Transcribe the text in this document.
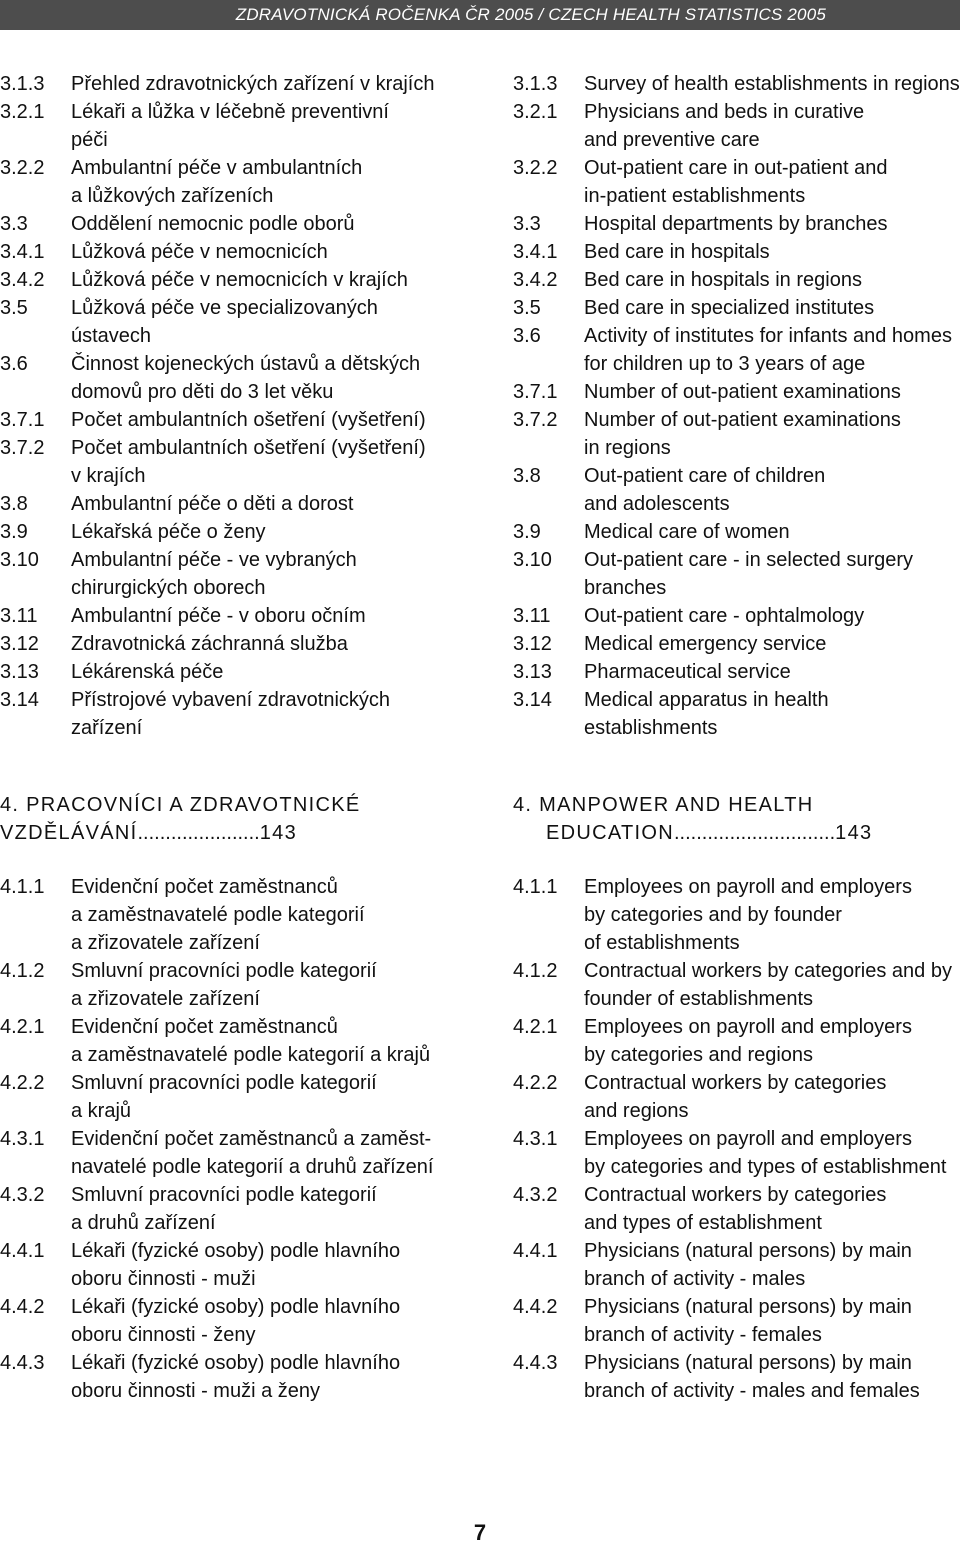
ZDRAVOTNICKÁ ROČENKA ČR 2005 / CZECH HEALTH STATISTICS 2005
3.1.3	Přehled zdravotnických zařízení v krajích
3.2.1	Lékaři a lůžka v léčebně preventivní
péči
3.2.2	Ambulantní péče v ambulantních
a lůžkových zařízeních
3.3	Oddělení nemocnic podle oborů
3.4.1	Lůžková péče v nemocnicích
3.4.2	Lůžková péče v nemocnicích v krajích
3.5	Lůžková péče ve specializovaných
ústavech
3.6	Činnost kojeneckých ústavů a dětských
domovů pro děti do 3 let věku
3.7.1	Počet ambulantních ošetření (vyšetření)
3.7.2	Počet ambulantních ošetření (vyšetření)
v krajích
3.8	Ambulantní péče o děti a dorost
3.9	Lékařská péče o ženy
3.10	Ambulantní péče - ve vybraných
chirurgických oborech
3.11	Ambulantní péče - v oboru očním
3.12	Zdravotnická záchranná služba
3.13	Lékárenská péče
3.14	Přístrojové vybavení zdravotnických
zařízení
3.1.3	Survey of health establishments in regions
3.2.1	Physicians and beds in curative
and preventive care
3.2.2	Out-patient care in out-patient and
in-patient establishments
3.3	Hospital departments by branches
3.4.1	Bed care in hospitals
3.4.2	Bed care in hospitals in regions
3.5	Bed care in specialized institutes
3.6	Activity of institutes for infants and homes
for children up to 3 years of age
3.7.1	Number of out-patient examinations
3.7.2	Number of out-patient examinations
in regions
3.8	Out-patient care of children
and adolescents
3.9	Medical care of women
3.10	Out-patient care - in selected surgery
branches
3.11	Out-patient care - ophtalmology
3.12	Medical emergency service
3.13	Pharmaceutical service
3.14	Medical apparatus in health
establishments
4. PRACOVNÍCI A ZDRAVOTNICKÉ
VZDĚLÁVÁNÍ......................143
4. MANPOWER AND HEALTH
EDUCATION.............................143
4.1.1	Evidenční počet zaměstnanců
a zaměstnavatelé podle kategorií
a zřizovatele zařízení
4.1.2	Smluvní pracovníci podle kategorií
a zřizovatele zařízení
4.2.1	Evidenční počet zaměstnanců
a zaměstnavatelé podle kategorií a krajů
4.2.2	Smluvní pracovníci podle kategorií
a krajů
4.3.1	Evidenční počet zaměstnanců a zaměst-
navatelé podle kategorií a druhů zařízení
4.3.2	Smluvní pracovníci podle kategorií
a druhů zařízení
4.4.1	Lékaři (fyzické osoby) podle hlavního
oboru činnosti - muži
4.4.2	Lékaři (fyzické osoby) podle hlavního
oboru činnosti - ženy
4.4.3	Lékaři (fyzické osoby) podle hlavního
oboru činnosti - muži a ženy
4.1.1	Employees on payroll and employers
by categories and by founder
of establishments
4.1.2	Contractual workers by categories and by
founder of establishments
4.2.1	Employees on payroll and employers
by categories and regions
4.2.2	Contractual workers by categories
and regions
4.3.1	Employees on payroll and employers
by categories and types of establishment
4.3.2	Contractual workers by categories
and types of establishment
4.4.1	Physicians (natural persons) by main
branch of activity - males
4.4.2	Physicians (natural persons) by main
branch of activity - females
4.4.3	Physicians (natural persons) by main
branch of activity - males and females
7
